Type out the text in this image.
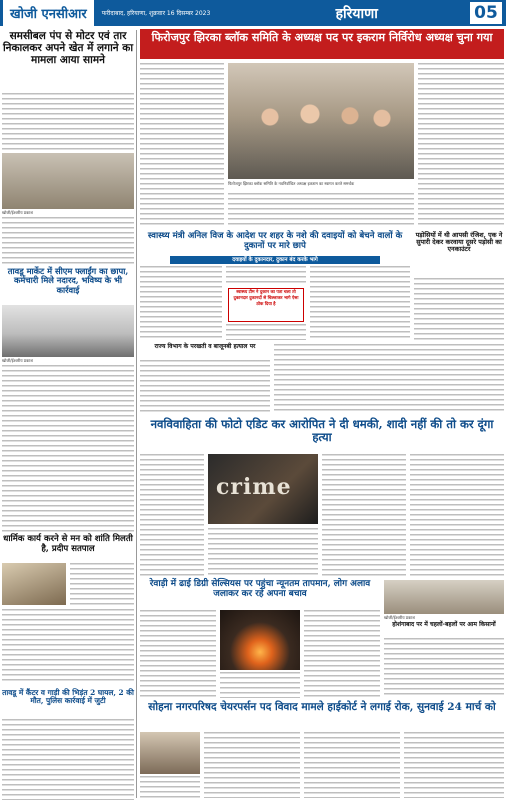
खोजी एनसीआर	फरीदाबाद, हरियाणा, शुक्रवार 16 दिसम्बर 2023	हरियाणा	05
समसीबल पंप से मोटर एवं तार निकालकर अपने खेत में लगाने का मामला आया सामने
खोजी/ईश्वरीय प्रकाश
तावडू मार्केट में सीएम फ्लाईंग का छापा, कर्मचारी मिले नदारद, भविष्य के भी कार्रवाई
खोजी/ईश्वरीय प्रकाश
धार्मिक कार्य करने से मन को शांति मिलती है, प्रदीप सतपाल
तावडू में कैंटर व गाड़ी की भिड़ंत 2 घायल, 2 की मौत, पुलिस कार्रवाई में जुटी
फिरोजपुर झिरका ब्लॉक समिति के अध्यक्ष पद पर इकराम निर्विरोध अध्यक्ष चुना गया
फिरोजपुर झिरका ब्लॉक समिति के नवनिर्वाचित अध्यक्ष इकराम का स्वागत करते समर्थक
स्वास्थ्य मंत्री अनिल विज के आदेश पर शहर के नशे की दवाइयों को बेचने वालों के दुकानों पर मारे छापे
दवाइयों के दुकानदार, दुकान बंद करके भागे
स्वास्थ्य टीम ने दुकान का पता चला तो दुकानदार दुकानदों से चिल्लाकर भागे ऐसा ठोक दिया है
पड़ोसियों में थी आपसी रंजिश, एक ने सुपारी देकर करवाया दूसरे पड़ोसी का एनकाउंटर
राज्य विभाग के परखती व बाजूनबी हत्याल पर
नवविवाहिता की फोटो एडिट कर आरोपित ने दी धमकी, शादी नहीं की तो कर दूंगा हत्या
crime
रेवाड़ी में ढाई डिग्री सेल्सियस पर पहुंचा न्यूनतम तापमान, लोग अलाव जलाकर कर रहे अपना बचाव
खोजी/ईश्वरीय प्रकाश
होशंगाबाद पर में चहलों-बहलों पर आम किसानों
सोहना नगरपरिषद चेयरपर्सन पद विवाद मामले हाईकोर्ट ने लगाई रोक, सुनवाई 24 मार्च को
